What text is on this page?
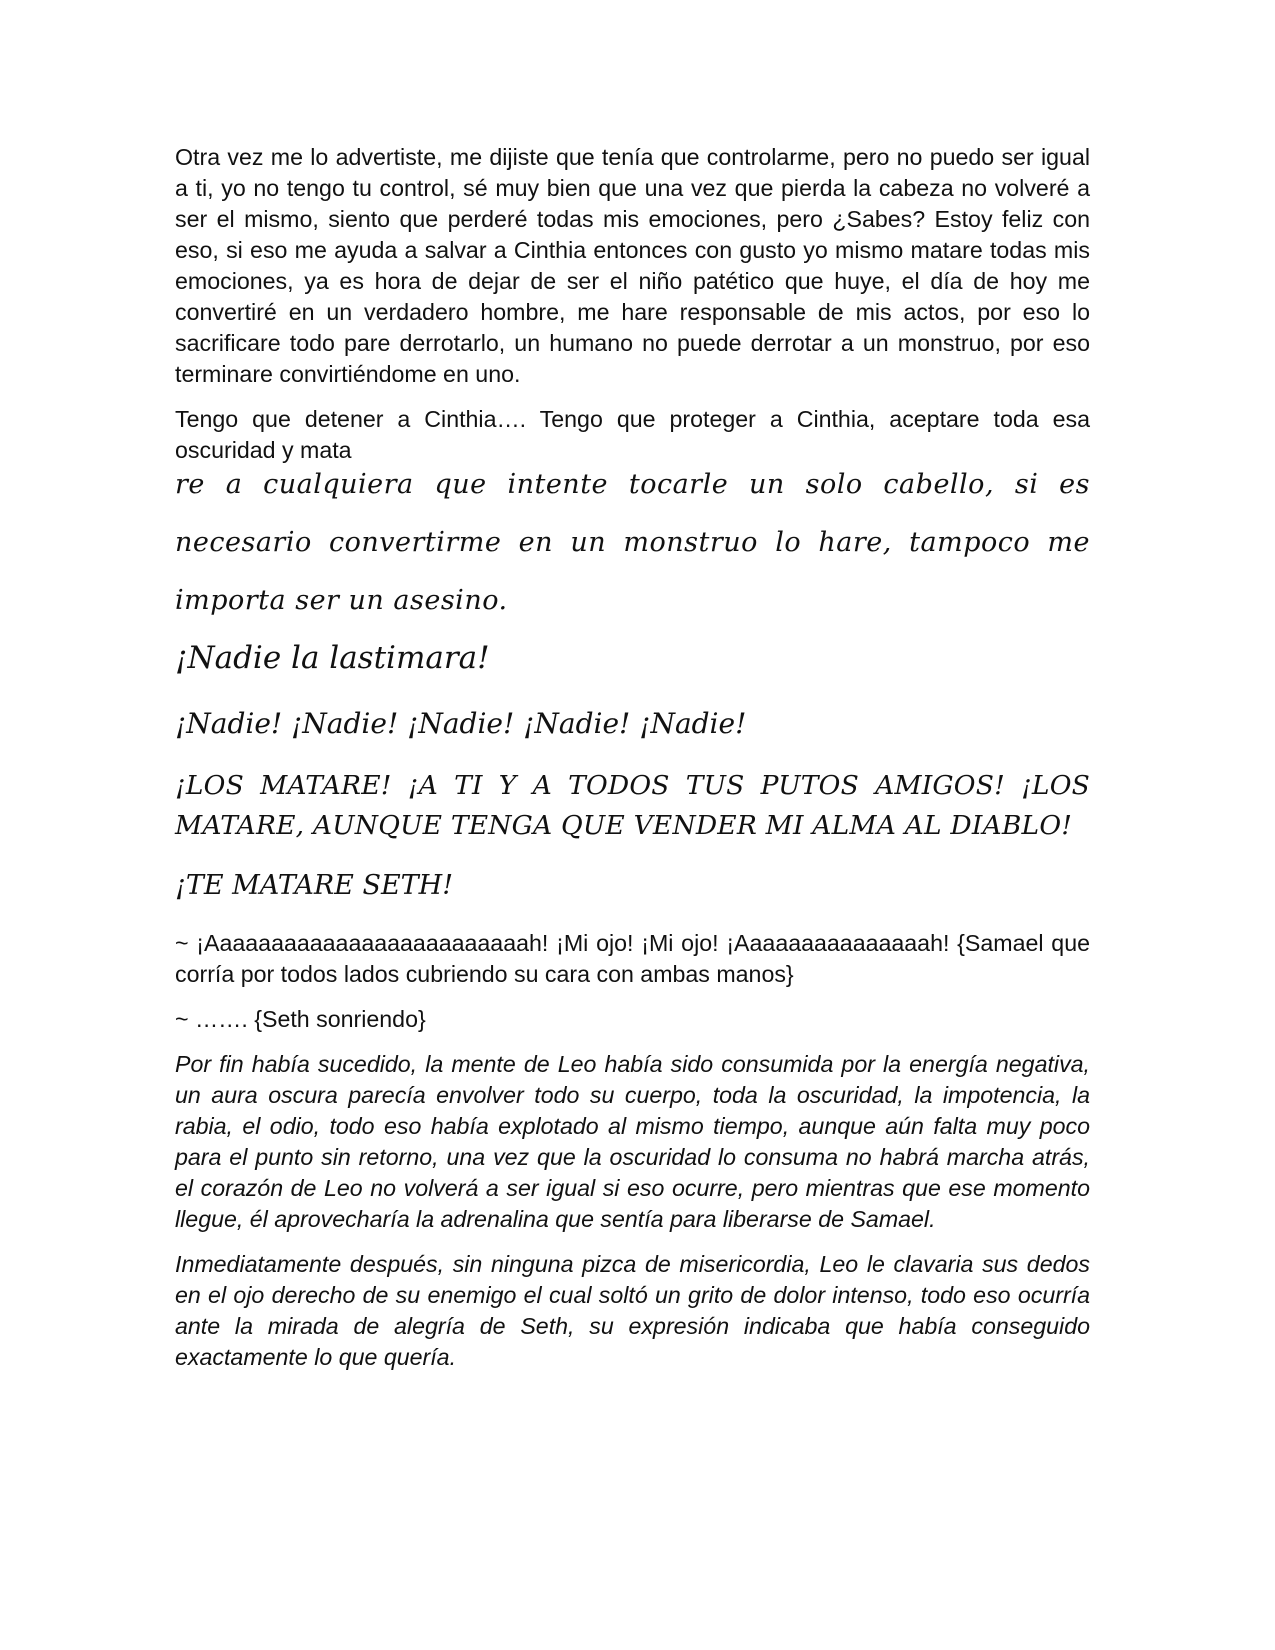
Otra vez me lo advertiste, me dijiste que tenía que controlarme, pero no puedo ser igual a ti, yo no tengo tu control, sé muy bien que una vez que pierda la cabeza no volveré a ser el mismo, siento que perderé todas mis emociones, pero ¿Sabes? Estoy feliz con eso, si eso me ayuda a salvar a Cinthia entonces con gusto yo mismo matare todas mis emociones, ya es hora de dejar de ser el niño patético que huye, el día de hoy me convertiré en un verdadero hombre, me hare responsable de mis actos, por eso lo sacrificare todo pare derrotarlo, un humano no puede derrotar a un monstruo, por eso terminare convirtiéndome en uno.

Tengo que detener a Cinthia…. Tengo que proteger a Cinthia, aceptare toda esa oscuridad y mata

re a cualquiera que intente tocarle un solo cabello, si es necesario convertirme en un monstruo lo hare, tampoco me importa ser un asesino.

¡Nadie la lastimara!

¡Nadie! ¡Nadie! ¡Nadie! ¡Nadie! ¡Nadie!

¡LOS MATARE! ¡A TI Y A TODOS TUS PUTOS AMIGOS! ¡LOS MATARE, AUNQUE TENGA QUE VENDER MI ALMA AL DIABLO!

¡TE MATARE SETH!

~ ¡Aaaaaaaaaaaaaaaaaaaaaaaaah! ¡Mi ojo! ¡Mi ojo! ¡Aaaaaaaaaaaaaaah! {Samael que corría por todos lados cubriendo su cara con ambas manos}

~ ……. {Seth sonriendo}

Por fin había sucedido, la mente de Leo había sido consumida por la energía negativa, un aura oscura parecía envolver todo su cuerpo, toda la oscuridad, la impotencia, la rabia, el odio, todo eso había explotado al mismo tiempo, aunque aún falta muy poco para el punto sin retorno, una vez que la oscuridad lo consuma no habrá marcha atrás, el corazón de Leo no volverá a ser igual si eso ocurre, pero mientras que ese momento llegue, él aprovecharía la adrenalina que sentía para liberarse de Samael.

Inmediatamente después, sin ninguna pizca de misericordia, Leo le clavaria sus dedos en el ojo derecho de su enemigo el cual soltó un grito de dolor intenso, todo eso ocurría ante la mirada de alegría de Seth, su expresión indicaba que había conseguido exactamente lo que quería.
